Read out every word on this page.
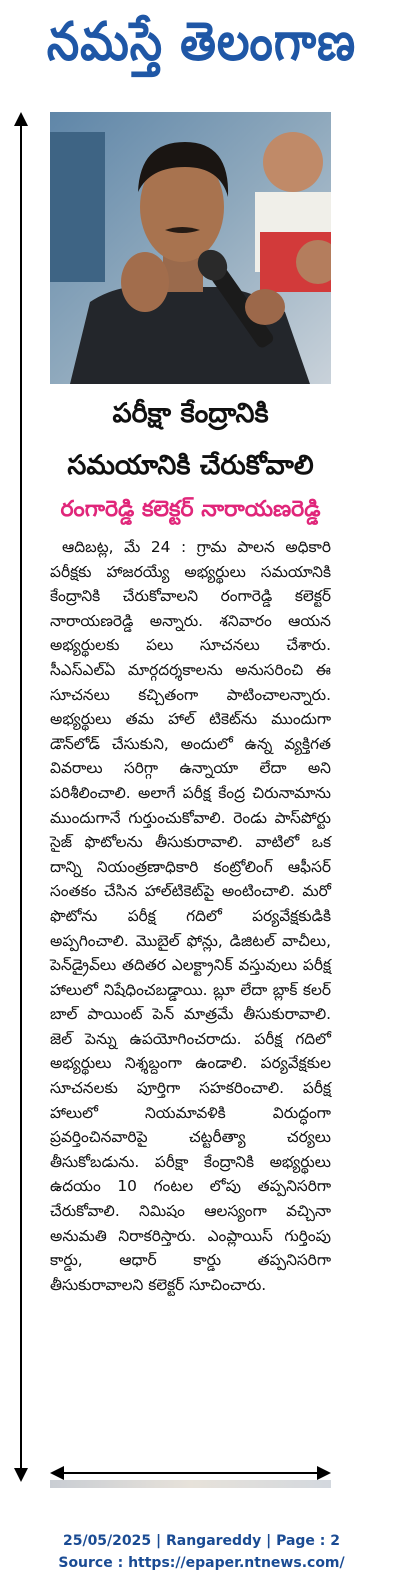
నమస్తే తెలంగాణ
పరీక్షా కేంద్రానికి
సమయానికి చేరుకోవాలి
రంగారెడ్డి కలెక్టర్ నారాయణరెడ్డి
ఆదిబట్ల, మే 24 : గ్రామ పాలన అధికారి పరీక్షకు హాజరయ్యే అభ్యర్థులు సమయానికి కేంద్రానికి చేరుకోవాలని రంగారెడ్డి కలెక్టర్ నారాయణరెడ్డి అన్నారు. శనివారం ఆయన అభ్యర్థులకు పలు సూచనలు చేశారు. సీఎస్ఎల్ఏ మార్గదర్శకాలను అనుసరించి ఈ సూచనలు కచ్చితంగా పాటించాలన్నారు. అభ్యర్థులు తమ హాల్ టికెట్‌ను ముందుగా డౌన్‌లోడ్ చేసుకుని, అందులో ఉన్న వ్యక్తిగత వివరాలు సరిగ్గా ఉన్నాయా లేదా అని పరిశీలించాలి. అలాగే పరీక్ష కేంద్ర చిరునామాను ముందుగానే గుర్తుంచుకోవాలి. రెండు పాస్‌పోర్టు సైజ్ ఫొటోలను తీసుకురావాలి. వాటిలో ఒక దాన్ని నియంత్రణాధికారి కంట్రోలింగ్ ఆఫీసర్ సంతకం చేసిన హాల్‌టికెట్‌పై అంటించాలి. మరో ఫొటోను పరీక్ష గదిలో పర్యవేక్షకుడికి అప్పగించాలి. మొబైల్ ఫోన్లు, డిజిటల్ వాచీలు, పెన్‌డ్రైవ్‌లు తదితర ఎలక్ట్రానిక్ వస్తువులు పరీక్ష హాలులో నిషేధించబడ్డాయి. బ్లూ లేదా బ్లాక్ కలర్ బాల్ పాయింట్ పెన్ మాత్రమే తీసుకురావాలి. జెల్ పెన్ను ఉపయోగించరాదు. పరీక్ష గదిలో అభ్యర్థులు నిశ్శబ్దంగా ఉండాలి. పర్యవేక్షకుల సూచనలకు పూర్తిగా సహకరించాలి. పరీక్ష హాలులో నియమావళికి విరుద్ధంగా ప్రవర్తించినవారిపై చట్టరీత్యా చర్యలు తీసుకోబడును. పరీక్షా కేంద్రానికి అభ్యర్థులు ఉదయం 10 గంటల లోపు తప్పనిసరిగా చేరుకోవాలి. నిమిషం ఆలస్యంగా వచ్చినా అనుమతి నిరాకరిస్తారు. ఎంప్లాయిస్ గుర్తింపు కార్డు, ఆధార్ కార్డు తప్పనిసరిగా తీసుకురావాలని కలెక్టర్ సూచించారు.
25/05/2025 | Rangareddy | Page : 2
Source : https://epaper.ntnews.com/
